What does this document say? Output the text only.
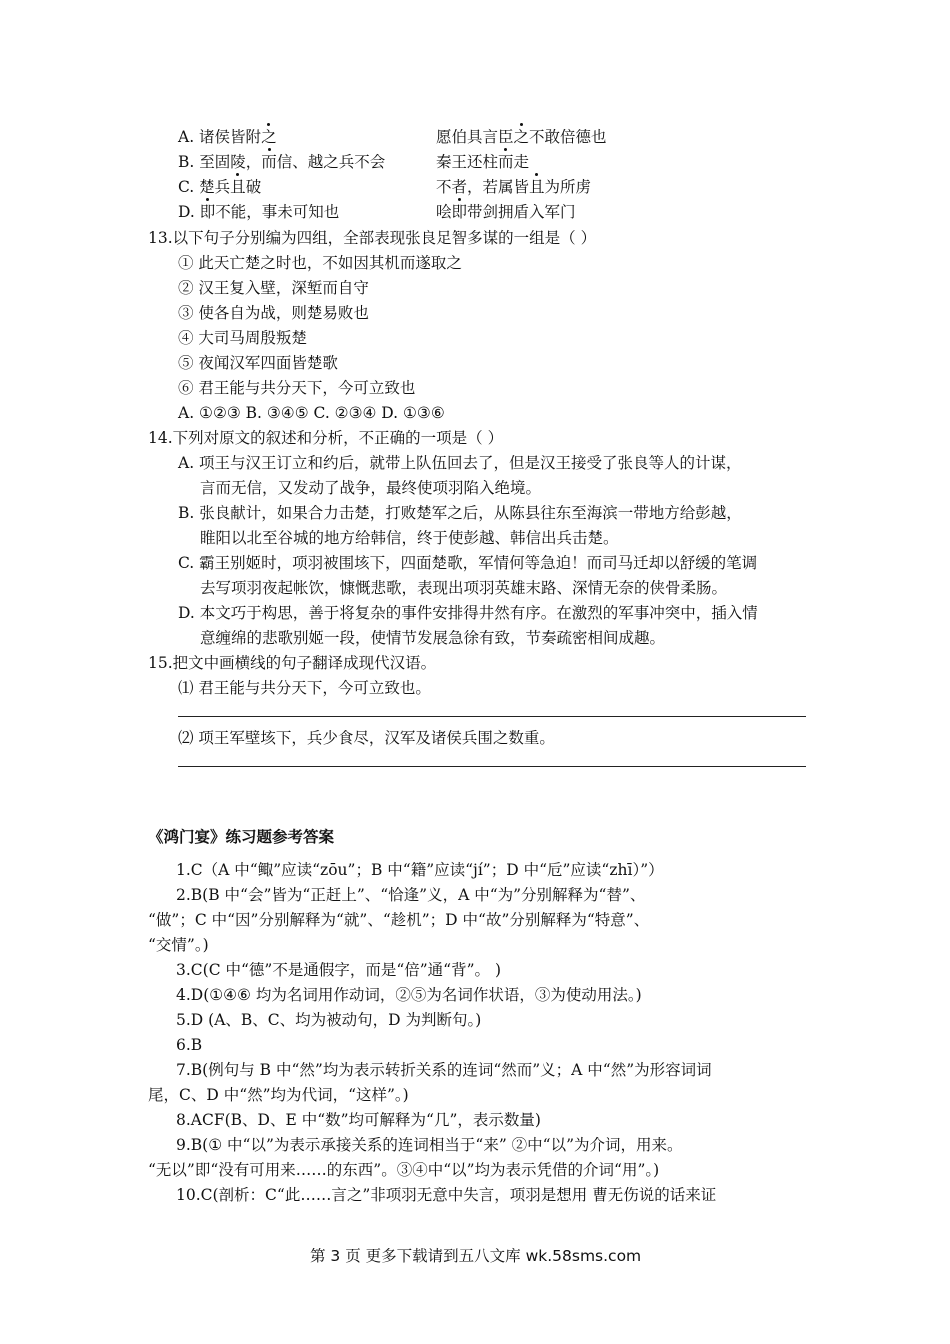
A. 诸侯皆附之	愿伯具言臣之不敢倍德也
B. 至固陵，而信、越之兵不会	秦王还柱而走
C. 楚兵且破	不者，若属皆且为所虏
D. 即不能，事未可知也	哙即带剑拥盾入军门
13.以下句子分别编为四组，全部表现张良足智多谋的一组是（ ）
① 此天亡楚之时也，不如因其机而遂取之
② 汉王复入壁，深堑而自守
③ 使各自为战，则楚易败也
④ 大司马周殷叛楚
⑤ 夜闻汉军四面皆楚歌
⑥ 君王能与共分天下，今可立致也
A. ①②③ B. ③④⑤ C. ②③④ D. ①③⑥
14.下列对原文的叙述和分析，不正确的一项是（ ）
A. 项王与汉王订立和约后，就带上队伍回去了，但是汉王接受了张良等人的计谋，
言而无信，又发动了战争，最终使项羽陷入绝境。
B. 张良献计，如果合力击楚，打败楚军之后，从陈县往东至海滨一带地方给彭越，
睢阳以北至谷城的地方给韩信，终于使彭越、韩信出兵击楚。
C. 霸王别姬时，项羽被围垓下，四面楚歌，军情何等急迫！而司马迁却以舒缓的笔调
去写项羽夜起帐饮，慷慨悲歌，表现出项羽英雄末路、深情无奈的侠骨柔肠。
D. 本文巧于构思，善于将复杂的事件安排得井然有序。在激烈的军事冲突中，插入情
意缠绵的悲歌别姬一段，使情节发展急徐有致，节奏疏密相间成趣。
15.把文中画横线的句子翻译成现代汉语。
⑴ 君王能与共分天下，今可立致也。
⑵ 项王军壁垓下，兵少食尽，汉军及诸侯兵围之数重。
《鸿门宴》练习题参考答案
1.C（A 中“鲰”应读“zōu”；B 中“籍”应读“jí”；D 中“卮”应读“zhī）”）
2.B(B 中“会”皆为“正赶上”、“恰逢”义，A 中“为”分别解释为“替”、
“做”；C 中“因”分别解释为“就”、“趁机”；D 中“故”分别解释为“特意”、
“交情”。)
3.C(C 中“德”不是通假字，而是“倍”通“背”。 )
4.D(①④⑥ 均为名词用作动词，②⑤为名词作状语，③为使动用法。)
5.D (A、B、C、均为被动句，D 为判断句。)
6.B
7.B(例句与 B 中“然”均为表示转折关系的连词“然而”义；A 中“然”为形容词词
尾，C、D 中“然”均为代词，“这样”。)
8.ACF(B、D、E 中“数”均可解释为“几”，表示数量)
9.B(① 中“以”为表示承接关系的连词相当于“来” ②中“以”为介词，用来。
“无以”即“没有可用来……的东西”。③④中“以”均为表示凭借的介词“用”。)
10.C(剖析：C“此……言之”非项羽无意中失言，项羽是想用 曹无伤说的话来证
第 3 页 更多下载请到五八文库 wk.58sms.com
